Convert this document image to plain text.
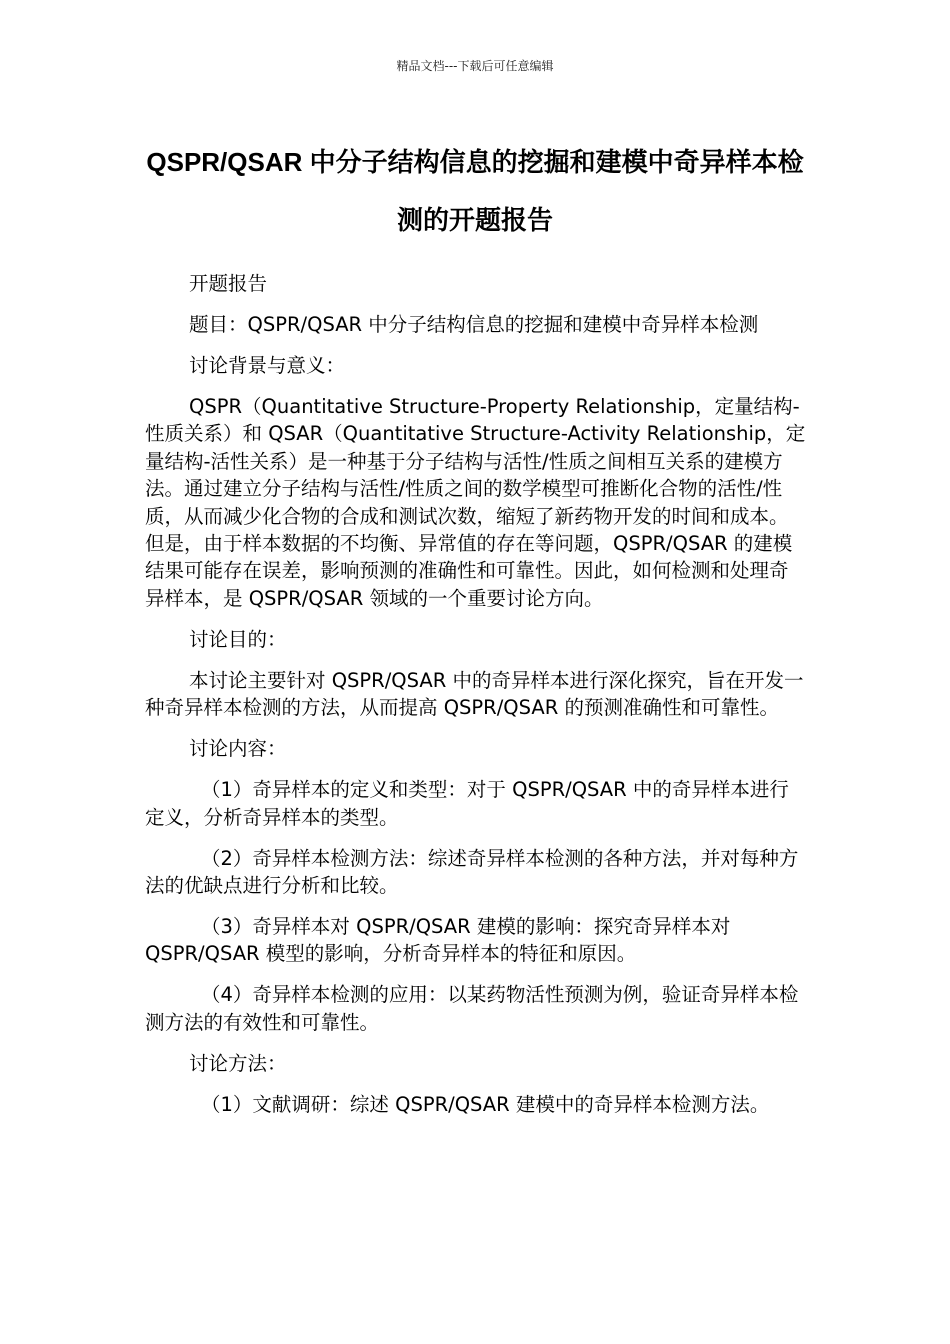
精品文档---下载后可任意编辑
QSPR/QSAR 中分子结构信息的挖掘和建模中奇异样本检测的开题报告

开题报告

题目：QSPR/QSAR 中分子结构信息的挖掘和建模中奇异样本检测

讨论背景与意义：

QSPR（Quantitative Structure-Property Relationship，定量结构-性质关系）和 QSAR（Quantitative Structure-Activity Relationship，定量结构-活性关系）是一种基于分子结构与活性/性质之间相互关系的建模方法。通过建立分子结构与活性/性质之间的数学模型可推断化合物的活性/性质，从而减少化合物的合成和测试次数，缩短了新药物开发的时间和成本。但是，由于样本数据的不均衡、异常值的存在等问题，QSPR/QSAR 的建模结果可能存在误差，影响预测的准确性和可靠性。因此，如何检测和处理奇异样本，是 QSPR/QSAR 领域的一个重要讨论方向。

讨论目的：

本讨论主要针对 QSPR/QSAR 中的奇异样本进行深化探究，旨在开发一种奇异样本检测的方法，从而提高 QSPR/QSAR 的预测准确性和可靠性。

讨论内容：

（1）奇异样本的定义和类型：对于 QSPR/QSAR 中的奇异样本进行定义，分析奇异样本的类型。

（2）奇异样本检测方法：综述奇异样本检测的各种方法，并对每种方法的优缺点进行分析和比较。

（3）奇异样本对 QSPR/QSAR 建模的影响：探究奇异样本对 QSPR/QSAR 模型的影响，分析奇异样本的特征和原因。

（4）奇异样本检测的应用：以某药物活性预测为例，验证奇异样本检测方法的有效性和可靠性。

讨论方法：

（1）文献调研：综述 QSPR/QSAR 建模中的奇异样本检测方法。
